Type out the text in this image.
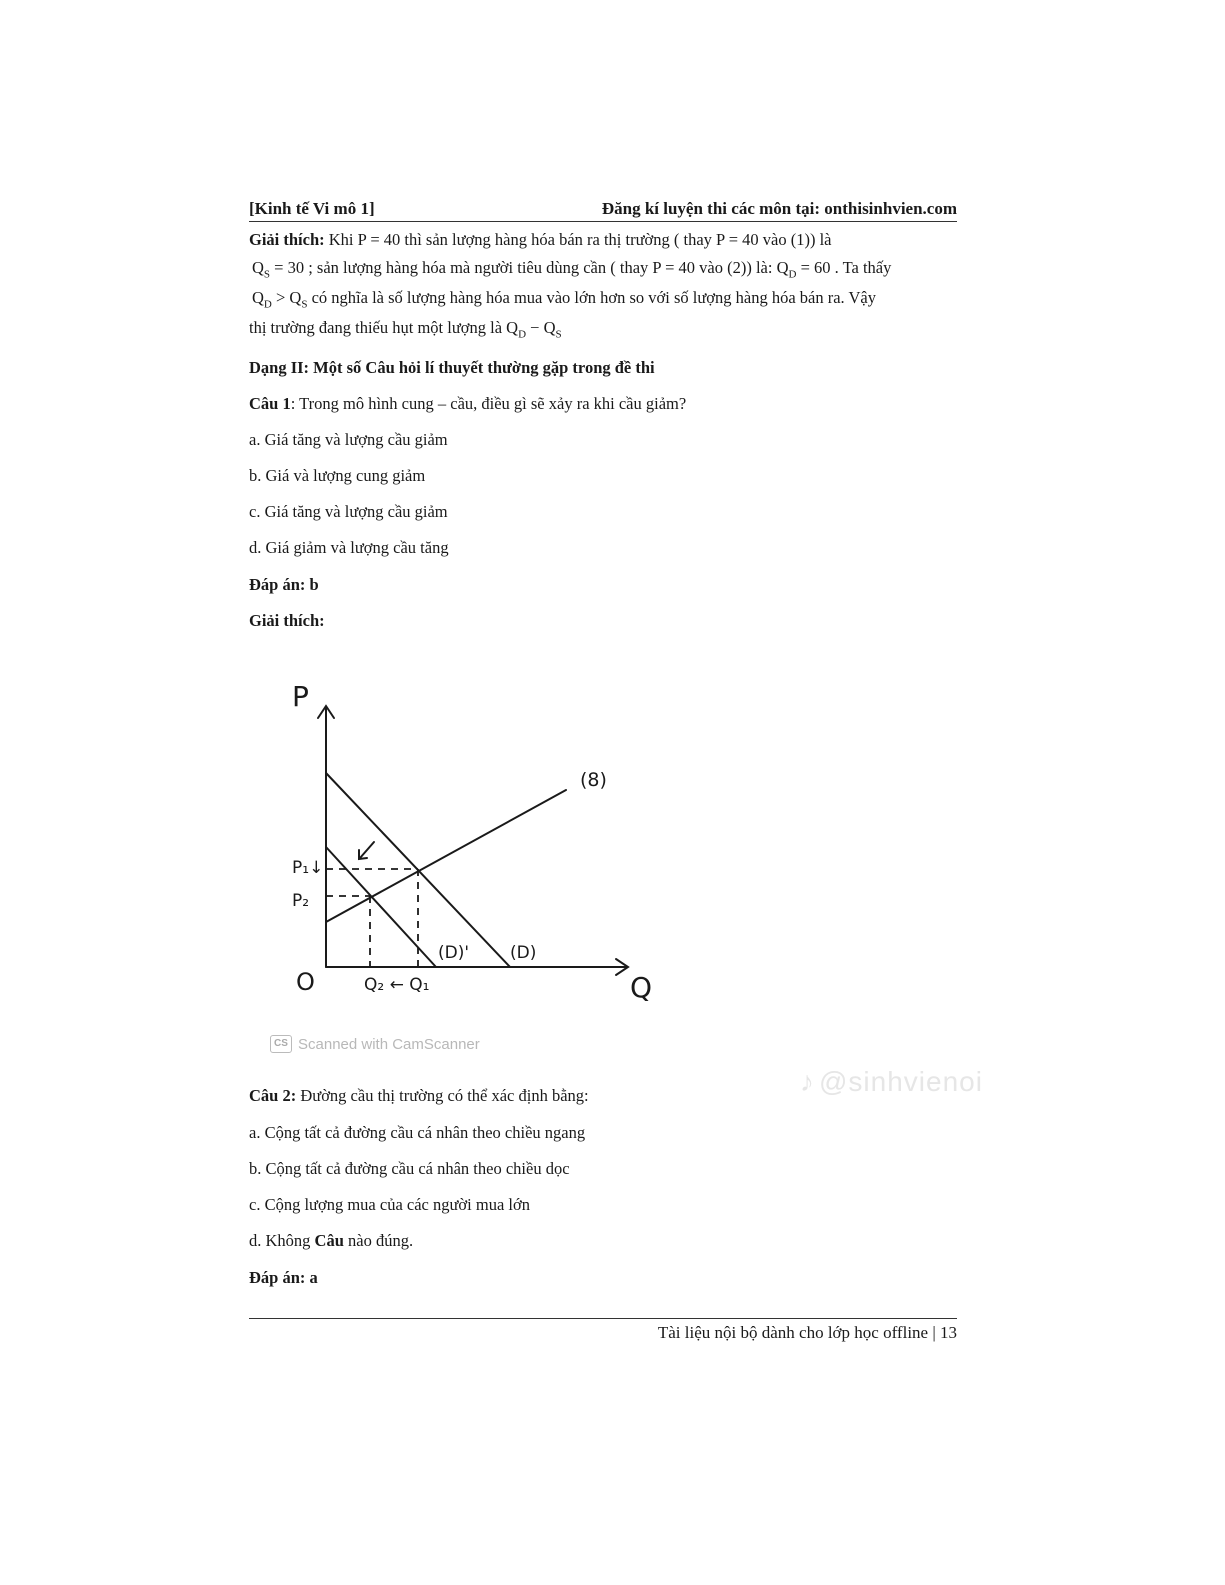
[Kinh tế Vi mô 1]	Đăng kí luyện thi các môn tại: onthisinhvien.com
Giải thích: Khi P = 40 thì sản lượng hàng hóa bán ra thị trường ( thay P = 40 vào (1)) là
$Q_S = 30$ ; sản lượng hàng hóa mà người tiêu dùng cần ( thay P = 40 vào (2)) là: $Q_D = 60$ . Ta thấy
$Q_D > Q_S$ có nghĩa là số lượng hàng hóa mua vào lớn hơn so với số lượng hàng hóa bán ra. Vậy
thị trường đang thiếu hụt một lượng là $Q_D - Q_S$
Dạng II: Một số Câu hỏi lí thuyết thường gặp trong đề thi
Câu 1: Trong mô hình cung – cầu, điều gì sẽ xảy ra khi cầu giảm?
a. Giá tăng và lượng cầu giảm
b. Giá và lượng cung giảm
c. Giá tăng và lượng cầu giảm
d. Giá giảm và lượng cầu tăng
Đáp án: b
Giải thích:
P
Q
O
P₁↓
P₂
Q₂ ← Q₁
(8)
(D)
(D)'
CS Scanned with CamScanner
♪ @sinhvienoi
Câu 2: Đường cầu thị trường có thể xác định bằng:
a. Cộng tất cả đường cầu cá nhân theo chiều ngang
b. Cộng tất cả đường cầu cá nhân theo chiều dọc
c. Cộng lượng mua của các người mua lớn
d. Không Câu nào đúng.
Đáp án: a
Tài liệu nội bộ dành cho lớp học offline | 13
